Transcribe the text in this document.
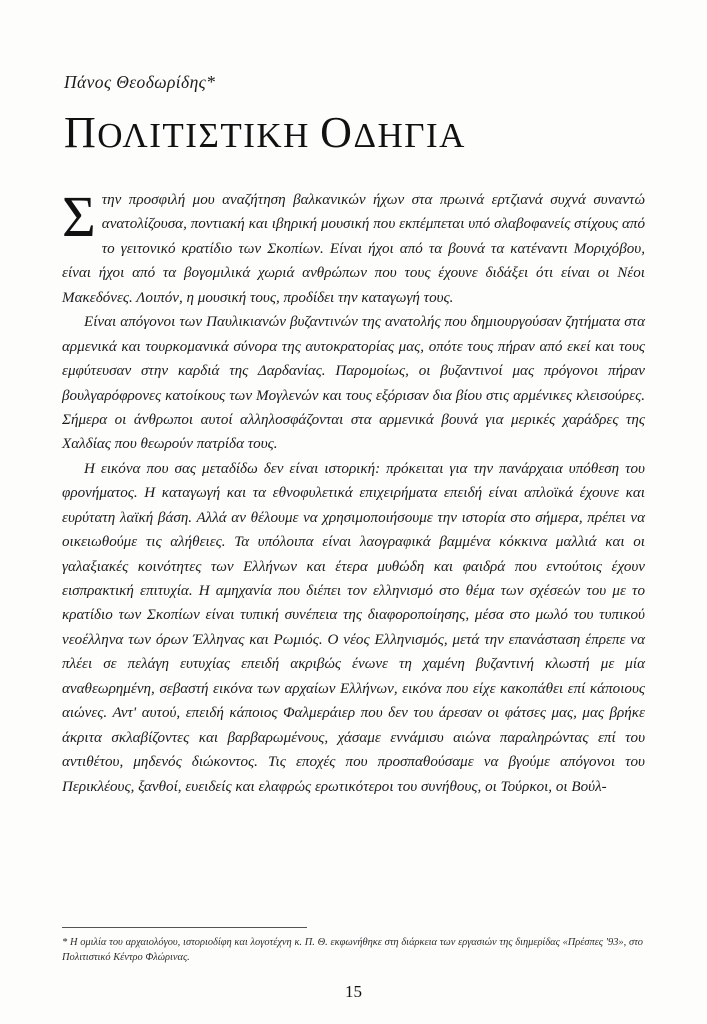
Πάνος Θεοδωρίδης*
ΠΟΛΙΤΙΣΤΙΚΗ ΟΔΗΓΙΑ

Στην προσφιλή μου αναζήτηση βαλκανικών ήχων στα πρωινά ερτζιανά συχνά συναντώ ανατολίζουσα, ποντιακή και ιβηρική μουσική που εκπέμπεται υπό σλαβοφανείς στίχους από το γειτονικό κρατίδιο των Σκοπίων. Είναι ήχοι από τα βουνά τα κατέναντι Μοριχόβου, είναι ήχοι από τα βογομιλικά χωριά ανθρώπων που τους έχουνε διδάξει ότι είναι οι Νέοι Μακεδόνες. Λοιπόν, η μουσική τους, προδίδει την καταγωγή τους.

Είναι απόγονοι των Παυλικιανών βυζαντινών της ανατολής που δημιουργούσαν ζητήματα στα αρμενικά και τουρκομανικά σύνορα της αυτοκρατορίας μας, οπότε τους πήραν από εκεί και τους εμφύτευσαν στην καρδιά της Δαρδανίας. Παρομοίως, οι βυζαντινοί μας πρόγονοι πήραν βουλγαρόφρονες κατοίκους των Μογλενών και τους εξόρισαν δια βίου στις αρμένικες κλεισούρες. Σήμερα οι άνθρωποι αυτοί αλληλοσφάζονται στα αρμενικά βουνά για μερικές χαράδρες της Χαλδίας που θεωρούν πατρίδα τους.

Η εικόνα που σας μεταδίδω δεν είναι ιστορική: πρόκειται για την πανάρχαια υπόθεση του φρονήματος. Η καταγωγή και τα εθνοφυλετικά επιχειρήματα επειδή είναι απλοϊκά έχουνε και ευρύτατη λαϊκή βάση. Αλλά αν θέλουμε να χρησιμοποιήσουμε την ιστορία στο σήμερα, πρέπει να οικειωθούμε τις αλήθειες. Τα υπόλοιπα είναι λαογραφικά βαμμένα κόκκινα μαλλιά και οι γαλαξιακές κοινότητες των Ελλήνων και έτερα μυθώδη και φαιδρά που εντούτοις έχουν εισπρακτική επιτυχία. Η αμηχανία που διέπει τον ελληνισμό στο θέμα των σχέσεών του με το κρατίδιο των Σκοπίων είναι τυπική συνέπεια της διαφοροποίησης, μέσα στο μωλό του τυπικού νεοέλληνα των όρων Έλληνας και Ρωμιός. Ο νέος Ελληνισμός, μετά την επανάσταση έπρεπε να πλέει σε πελάγη ευτυχίας επειδή ακριβώς ένωνε τη χαμένη βυζαντινή κλωστή με μία αναθεωρημένη, σεβαστή εικόνα των αρχαίων Ελλήνων, εικόνα που είχε κακοπάθει επί κάποιους αιώνες. Αντ' αυτού, επειδή κάποιος Φαλμεράιερ που δεν του άρεσαν οι φάτσες μας, μας βρήκε άκριτα σκλαβίζοντες και βαρβαρωμένους, χάσαμε εννάμισυ αιώνα παραληρώντας επί του αντιθέτου, μηδενός διώκοντος. Τις εποχές που προσπαθούσαμε να βγούμε απόγονοι του Περικλέους, ξανθοί, ευειδείς και ελαφρώς ερωτικότεροι του συνήθους, οι Τούρκοι, οι Βούλ-

* Η ομιλία του αρχαιολόγου, ιστοριοδίφη και λογοτέχνη κ. Π. Θ. εκφωνήθηκε στη διάρκεια των εργασιών της διημερίδας «Πρέσπες '93», στο Πολιτιστικό Κέντρο Φλώρινας.

15
